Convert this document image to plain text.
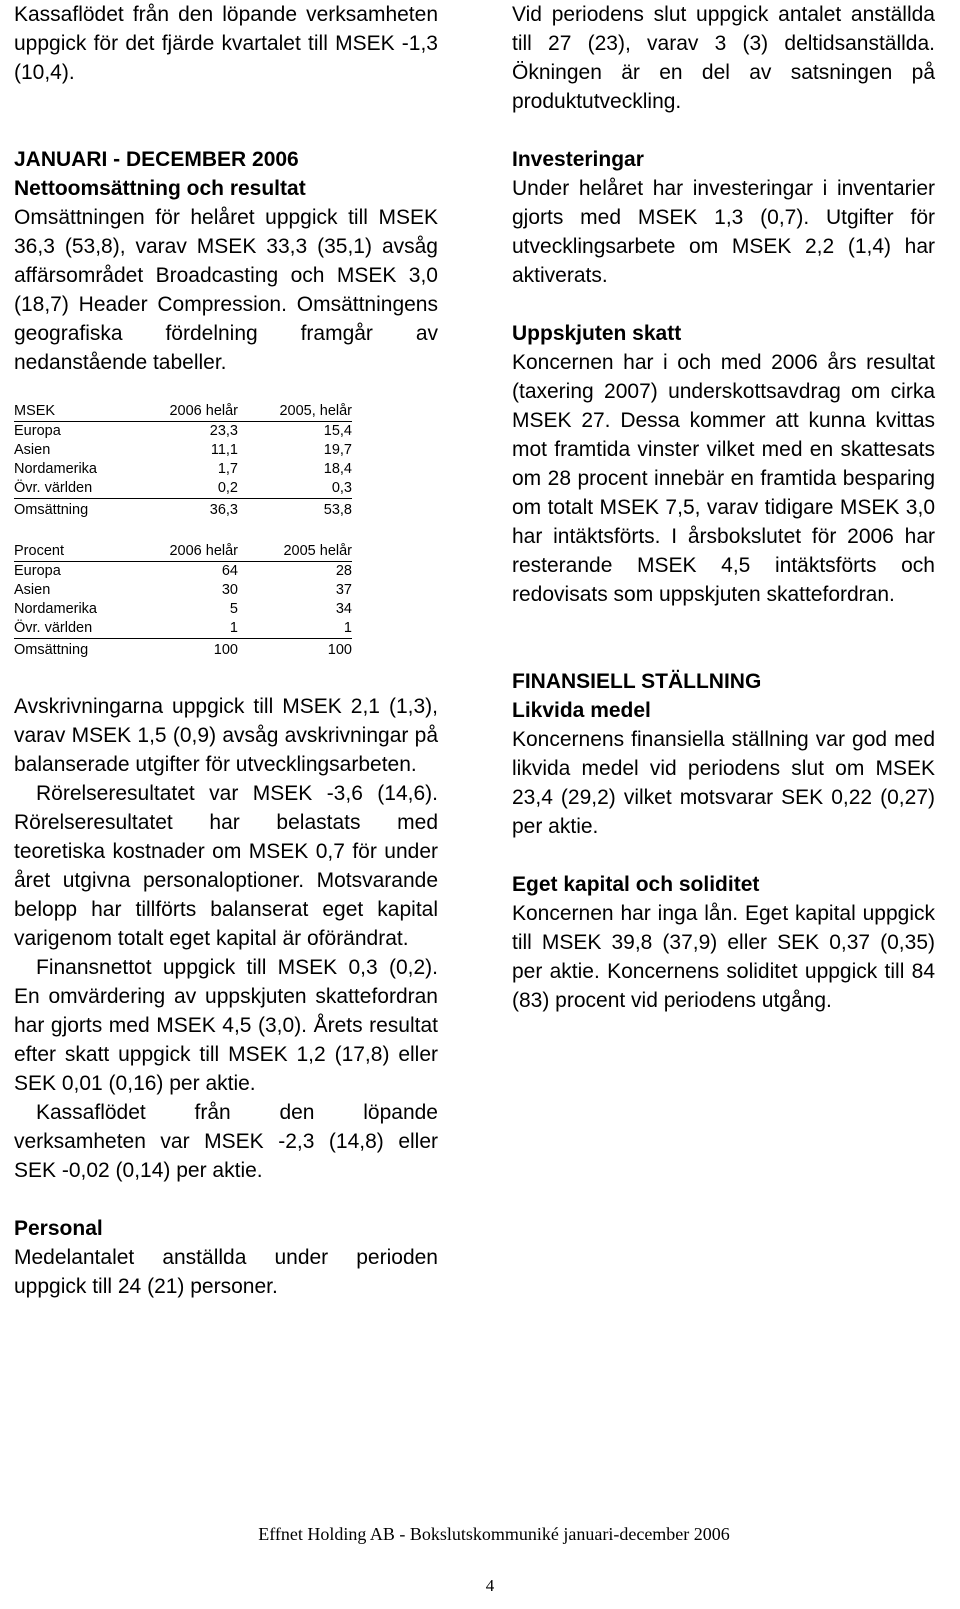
Kassaflödet från den löpande verksamheten uppgick för det fjärde kvartalet till MSEK -1,3 (10,4).

JANUARI - DECEMBER 2006

Nettoomsättning och resultat

Omsättningen för helåret uppgick till MSEK 36,3 (53,8), varav MSEK 33,3 (35,1) avsåg affärsområdet Broadcasting och MSEK 3,0 (18,7) Header Compression. Omsättningens geografiska fördelning framgår av nedanstående tabeller.

MSEK	2006 helår	2005, helår
Europa	23,3	15,4
Asien	11,1	19,7
Nordamerika	1,7	18,4
Övr. världen	0,2	0,3
Omsättning	36,3	53,8
Procent	2006 helår	2005 helår
Europa	64	28
Asien	30	37
Nordamerika	5	34
Övr. världen	1	1
Omsättning	100	100

Avskrivningarna uppgick till MSEK 2,1 (1,3), varav MSEK 1,5 (0,9) avsåg avskrivningar på balanserade utgifter för utvecklingsarbeten.

Rörelseresultatet var MSEK -3,6 (14,6). Rörelseresultatet har belastats med teoretiska kostnader om MSEK 0,7 för under året utgivna personaloptioner. Motsvarande belopp har tillförts balanserat eget kapital varigenom totalt eget kapital är oförändrat.

Finansnettot uppgick till MSEK 0,3 (0,2). En omvärdering av uppskjuten skattefordran har gjorts med MSEK 4,5 (3,0). Årets resultat efter skatt uppgick till MSEK 1,2 (17,8) eller SEK 0,01 (0,16) per aktie.

Kassaflödet från den löpande verksamheten var MSEK -2,3 (14,8) eller SEK -0,02 (0,14) per aktie.

Personal

Medelantalet anställda under perioden uppgick till 24 (21) personer.

Vid periodens slut uppgick antalet anställda till 27 (23), varav 3 (3) deltidsanställda. Ökningen är en del av satsningen på produktutveckling.

Investeringar

Under helåret har investeringar i inventarier gjorts med MSEK 1,3 (0,7). Utgifter för utvecklingsarbete om MSEK 2,2 (1,4) har aktiverats.

Uppskjuten skatt

Koncernen har i och med 2006 års resultat (taxering 2007) underskottsavdrag om cirka MSEK 27. Dessa kommer att kunna kvittas mot framtida vinster vilket med en skattesats om 28 procent innebär en framtida besparing om totalt MSEK 7,5, varav tidigare MSEK 3,0 har intäktsförts. I årsbokslutet för 2006 har resterande MSEK 4,5 intäktsförts och redovisats som uppskjuten skattefordran.

FINANSIELL STÄLLNING

Likvida medel

Koncernens finansiella ställning var god med likvida medel vid periodens slut om MSEK 23,4 (29,2) vilket motsvarar SEK 0,22 (0,27) per aktie.

Eget kapital och soliditet

Koncernen har inga lån. Eget kapital uppgick till MSEK 39,8 (37,9) eller SEK 0,37 (0,35) per aktie. Koncernens soliditet uppgick till 84 (83) procent vid periodens utgång.

Effnet Holding AB - Bokslutskommuniké januari-december 2006
4
